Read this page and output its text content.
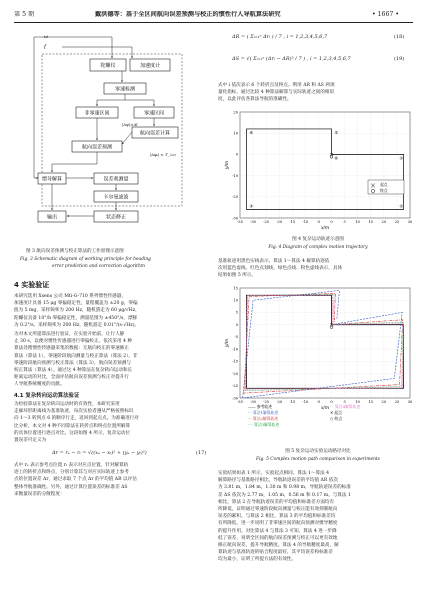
第 5 期	戴洪德等：基于全区间航向误差预测与校正的惯性行人导航算法研究	• 1667 •
ω
f
陀螺仪	加速度计
零速检测
非零速区间	零速区间
航向误差计算
|Δψ|>Δ𝑙
航向误差预测
|Δφₖ| < T_∠ω
惯导解算	误差观测量
卡尔曼滤波
状态修正
输出
图 3 航向误差预测与校正算法的工作原理示意图
Fig. 3 Schematic diagram of working principle for heading
error prediction and correction algorithm
4 实验验证
本研究选用 Xsens 公司 Mti-G-710 系列惯性传感器，
加速度计具备 15 μg 零偏稳定性，量程覆盖为 ±20 g，零偏
值为 5 mg，采样频率为 200 Hz，随机游走为 60 μg/√Hz，
陀螺仪具备 10°/h 零偏稳定性，测量范围为 ±450°/s，漂移
为 0.2°/s，采样频率为 200 Hz，随机游走 0.01°/(s·√Hz)。
为对本文所提算法进行验证，在实验开始前，让行人静
止 30 s，以便对惯性传感器进行零偏校正。依次采用 4 种
算法处理惯性传感器采集的数据：无航向校正的零速修正
算法（算法 1），零速阶段航向测量与校正算法（算法 2），非
零速阶段航向预测与校正算法（算法 3），航向误差预测与
校正算法（算法 4）。通过这 4 种算法在复杂转向运动和长
距离运动的对比，全面评估航向误差预测与校正对提升行
人导航系统精度的贡献。
4.1 复杂转向运动算法验证
为检验算法在复杂转向运动时的有效性，本研究采用
走廊环形距离线为基准轨迹，每次实验者遵从严格按照标识
向 1～3 转到点 6 的顺序行走，返回到起点点。为准确进行对
比分析，本文对 4 种不同算法在转折点和终点位置所解算
的具体位置进行逐点对比，这段如图 4 所示，复杂运动位
置误差可定义为
Δr = rₑ − rₜ = √((xₑ − xₜ)² + (yₑ − yₜ)²)	(17)
式中 rₑ 表示参考点位置 rₜ 表示对应点位置。针对解算轨
迹上的转折点和终点，分别计算其与对应实际轨迹上参考
点的位置误差 Δr，通过求取 7 个点 Δr 的平均值 ΔR 以评估
整体导航准确性。另外，通过计算位置误差的标准差 ΔS
来衡量误差的分散程度：
ΔR = ( Σᵢ₌₁ⁿ Δrᵢ ) / 7 , i = 1,2,3,4,5,6,7	(18)
ΔS = √( Σᵢ₌₁ⁿ (Δrᵢ − ΔR)² / 7 ) , i = 1,2,3,4,5,6,7	(19)
式中 i 依次表示 6 个转折点及终点。利用 ΔR 和 ΔS 两项
量化指标，通过比较 4 种算法解算与实际轨迹之间的相似
度，以此评估各算法导航的准确性。
-35 -30 -25 -20 -15 -10 -5	0	5	10 15 20 25 30
-30
-20
-10
0
10
20
x/m
y/m
①
②
③
④	⑤
⑥
起点
终点
图 4 复杂运动轨迹示意图
Fig. 4 Diagram of complex motion trajectory
基准轨迹用黑色实线表示，算法 1～算法 4 解算轨迹依
次用蓝色虚线、红色点划线、绿色点线、粉色虚线表示，具体
结果如图 5 所示。
-35 -30 -25 -20 -15 -10 -5	0	5	10 15 20 25 30
-30
-25
-20
-15
-10
-5
0
5
10
15
x/m
y/m
—— 参考轨迹
- - 算法1解算轨迹
·-· 算法2解算轨迹
···· 算法3解算轨迹
- - 算法4解算轨迹
✕ 起点
○ 终点
图 5 复杂运动实验运动路径对比
Fig. 5 Complex motion path comparison in experiments
实验结果如表 1 所示，实验起点相同。算法 1～算法 4
解算路径与基准路径相比，导航轨迹误差的平均值 ΔR 依次
为 3.81 m，1.84 m，1.30 m 和 0.98 m，导航轨迹误差的标准
差 ΔS 依次为 2.77 m，1.05 m，0.56 m 和 0.17 m。与算法 1
相比，算法 2 在导航轨迹误差的平均值和标准差方面均有
所降低，证明通过零速阶段航向测量与校正能有效抑制航向
误差的累积。与算法 2 相比，算法 3 的平均值和标准差均
有所降低，进一步说明了非零速区间的航向预测对惯导精度
的提升作用。对比算法 4 与算法 3 可知，算法 4 进一步降
低了误差，说明全区间的航向误差预测与校正可以更有效地
修正航向误差，提升导航精度。算法 4 的导航精度最高，解
算轨迹与基准轨迹的贴合程度最好，其平均误差和标准差
均为最小，证明了所提方法的有效性。
